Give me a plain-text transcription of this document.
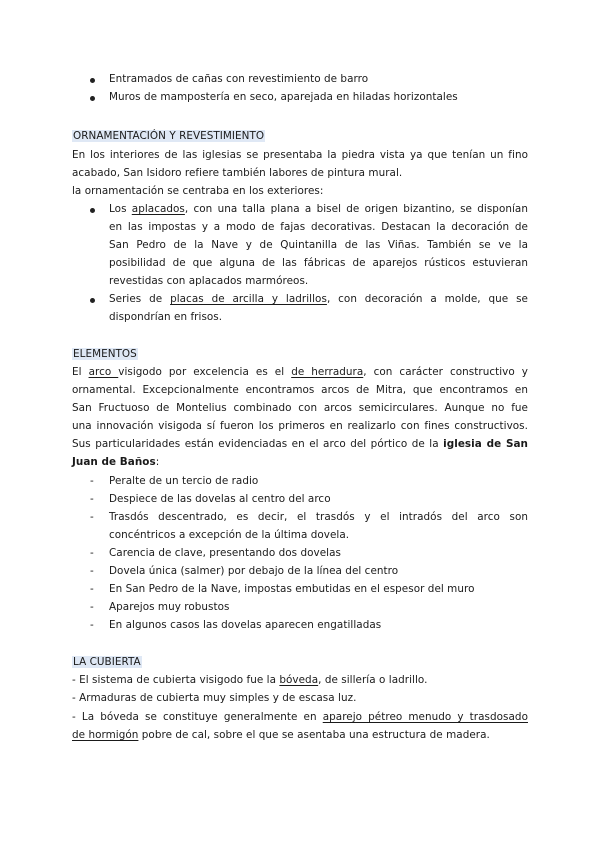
Entramados de cañas con revestimiento de barro
Muros de mampostería en seco, aparejada en hiladas horizontales
ORNAMENTACIÓN Y REVESTIMIENTO
En los interiores de las iglesias se presentaba la piedra vista ya que tenían un fino
acabado, San Isidoro refiere también labores de pintura mural.
la ornamentación se centraba en los exteriores:
Los aplacados, con una talla plana a bisel de origen bizantino, se disponían
en las impostas y a modo de fajas decorativas. Destacan la decoración de
San Pedro de la Nave y de Quintanilla de las Viñas. También se ve la
posibilidad de que alguna de las fábricas de aparejos rústicos estuvieran
revestidas con aplacados marmóreos.
Series de placas de arcilla y ladrillos, con decoración a molde, que se
dispondrían en frisos.
ELEMENTOS
El arco visigodo por excelencia es el de herradura, con carácter constructivo y
ornamental. Excepcionalmente encontramos arcos de Mitra, que encontramos en
San Fructuoso de Montelius combinado con arcos semicirculares. Aunque no fue
una innovación visigoda sí fueron los primeros en realizarlo con fines constructivos.
Sus particularidades están evidenciadas en el arco del pórtico de la iglesia de San
Juan de Baños:
- Peralte de un tercio de radio
- Despiece de las dovelas al centro del arco
- Trasdós descentrado, es decir, el trasdós y el intradós del arco son
concéntricos a excepción de la última dovela.
- Carencia de clave, presentando dos dovelas
- Dovela única (salmer) por debajo de la línea del centro
- En San Pedro de la Nave, impostas embutidas en el espesor del muro
- Aparejos muy robustos
- En algunos casos las dovelas aparecen engatilladas
LA CUBIERTA
- El sistema de cubierta visigodo fue la bóveda, de sillería o ladrillo.
- Armaduras de cubierta muy simples y de escasa luz.
- La bóveda se constituye generalmente en aparejo pétreo menudo y trasdosado
de hormigón pobre de cal, sobre el que se asentaba una estructura de madera.
